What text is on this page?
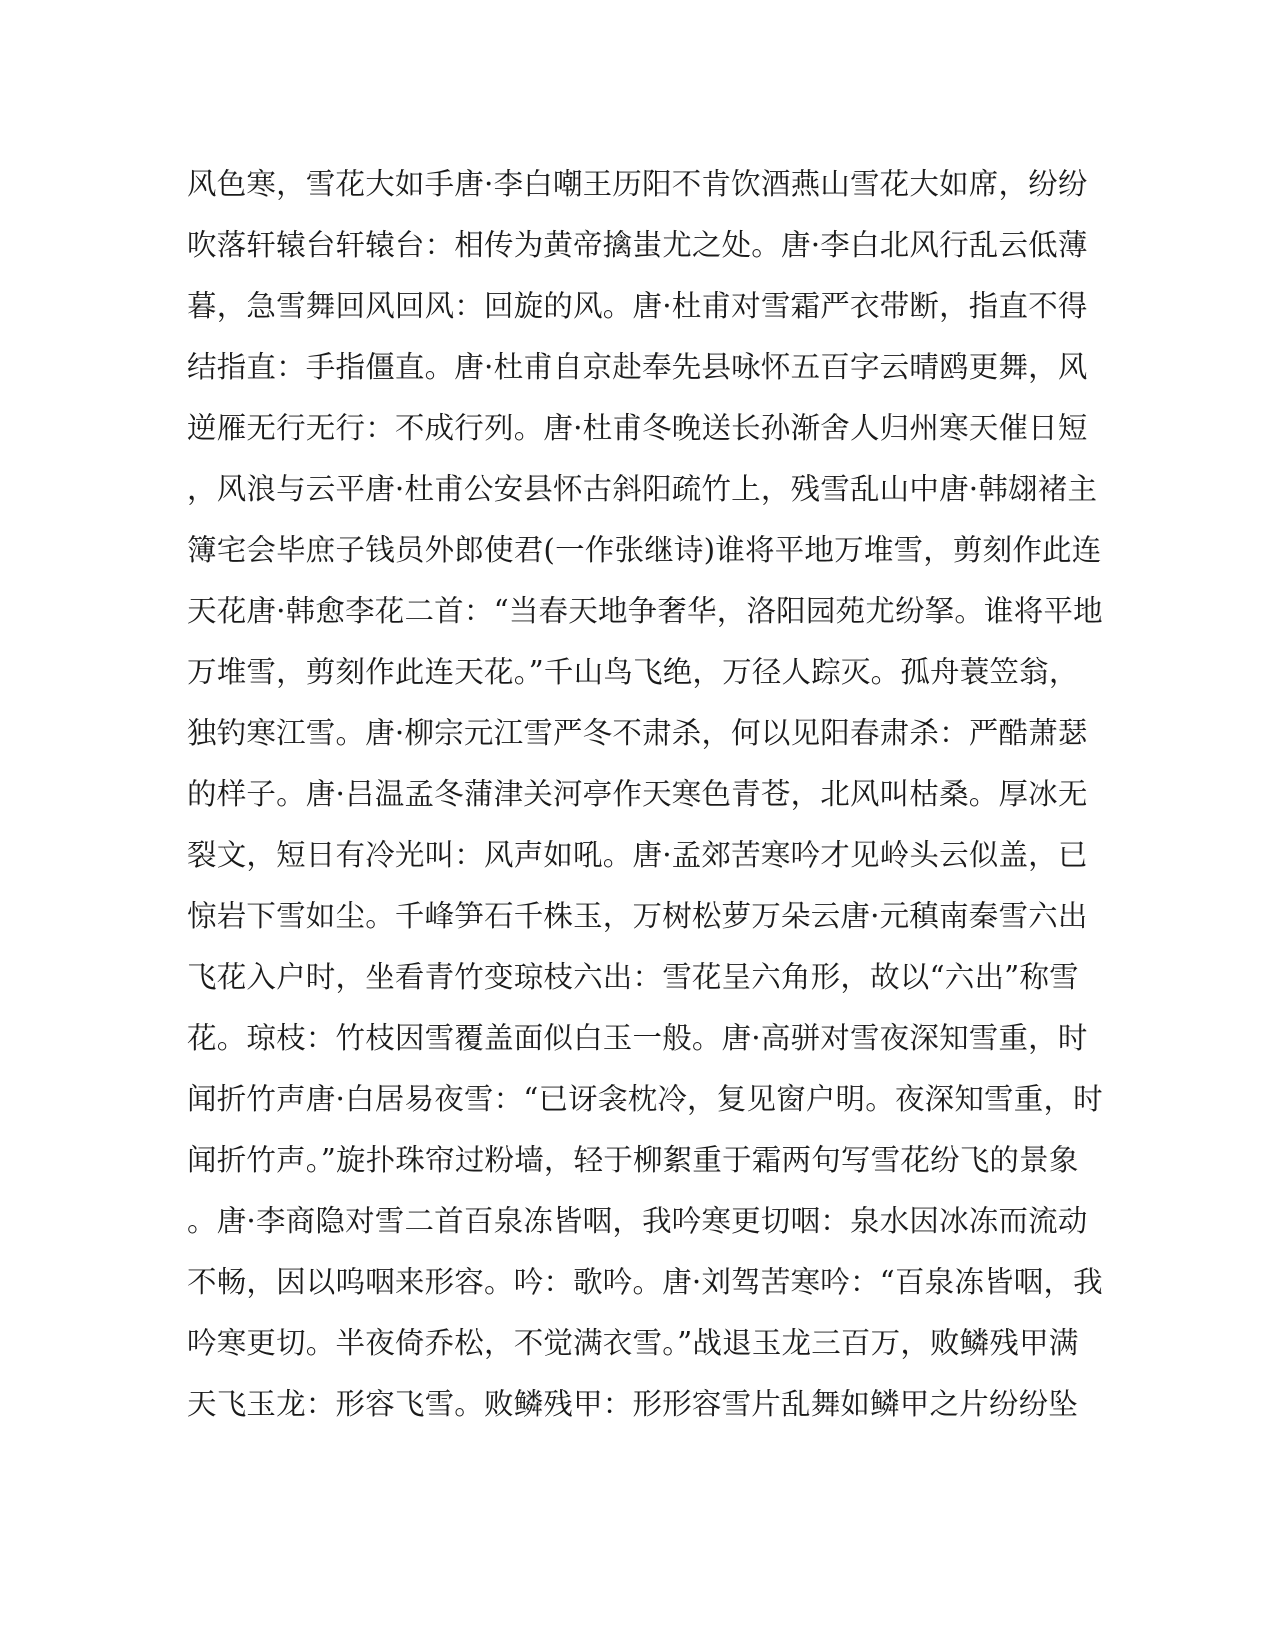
风色寒，雪花大如手唐·李白嘲王历阳不肯饮酒燕山雪花大如席，纷纷
吹落轩辕台轩辕台：相传为黄帝擒蚩尤之处。唐·李白北风行乱云低薄
暮，急雪舞回风回风：回旋的风。唐·杜甫对雪霜严衣带断，指直不得
结指直：手指僵直。唐·杜甫自京赴奉先县咏怀五百字云晴鸥更舞，风
逆雁无行无行：不成行列。唐·杜甫冬晚送长孙渐舍人归州寒天催日短
，风浪与云平唐·杜甫公安县怀古斜阳疏竹上，残雪乱山中唐·韩翃褚主
簿宅会毕庶子钱员外郎使君(一作张继诗)谁将平地万堆雪，剪刻作此连
天花唐·韩愈李花二首：“当春天地争奢华，洛阳园苑尤纷拏。谁将平地
万堆雪，剪刻作此连天花。”千山鸟飞绝，万径人踪灭。孤舟蓑笠翁，
独钓寒江雪。唐·柳宗元江雪严冬不肃杀，何以见阳春肃杀：严酷萧瑟
的样子。唐·吕温孟冬蒲津关河亭作天寒色青苍，北风叫枯桑。厚冰无
裂文，短日有冷光叫：风声如吼。唐·孟郊苦寒吟才见岭头云似盖，已
惊岩下雪如尘。千峰笋石千株玉，万树松萝万朵云唐·元稹南秦雪六出
飞花入户时，坐看青竹变琼枝六出：雪花呈六角形，故以“六出”称雪
花。琼枝：竹枝因雪覆盖面似白玉一般。唐·高骈对雪夜深知雪重，时
闻折竹声唐·白居易夜雪：“已讶衾枕冷，复见窗户明。夜深知雪重，时
闻折竹声。”旋扑珠帘过粉墙，轻于柳絮重于霜两句写雪花纷飞的景象
。唐·李商隐对雪二首百泉冻皆咽，我吟寒更切咽：泉水因冰冻而流动
不畅，因以呜咽来形容。吟：歌吟。唐·刘驾苦寒吟：“百泉冻皆咽，我
吟寒更切。半夜倚乔松，不觉满衣雪。”战退玉龙三百万，败鳞残甲满
天飞玉龙：形容飞雪。败鳞残甲：形形容雪片乱舞如鳞甲之片纷纷坠
